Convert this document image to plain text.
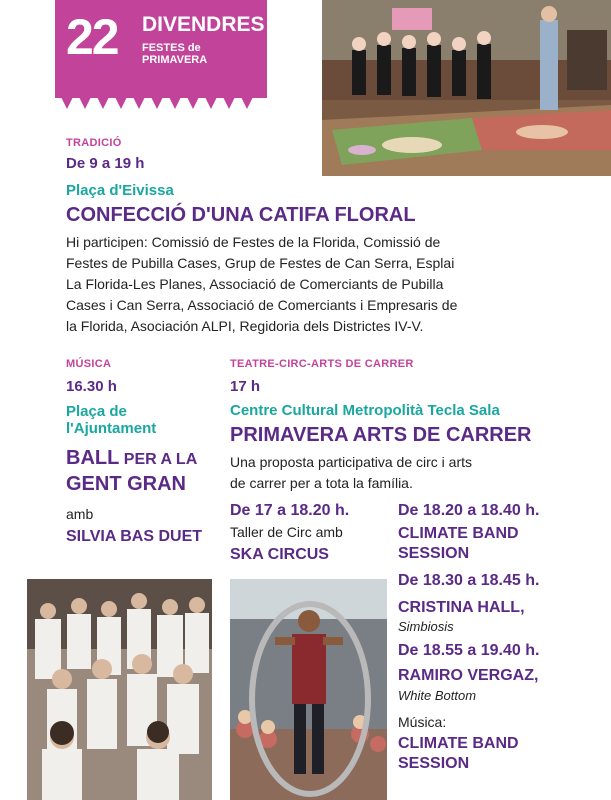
22 DIVENDRES
FESTES de PRIMAVERA
TRADICIÓ
De 9 a 19 h
Plaça d'Eivissa
CONFECCIÓ D'UNA CATIFA FLORAL
Hi participen: Comissió de Festes de la Florida, Comissió de
Festes de Pubilla Cases, Grup de Festes de Can Serra, Esplai
La Florida-Les Planes, Associació de Comerciants de Pubilla
Cases i Can Serra, Associació de Comerciants i Empresaris de
la Florida, Asociación ALPI, Regidoria dels Districtes IV-V.
MÚSICA
16.30 h
Plaça de
l'Ajuntament
BALL PER A LA
GENT GRAN
amb
SILVIA BAS DUET
TEATRE-CIRC-ARTS DE CARRER
17 h
Centre Cultural Metropolità Tecla Sala
PRIMAVERA ARTS DE CARRER
Una proposta participativa de circ i arts
de carrer per a tota la família.
De 17 a 18.20 h.
Taller de Circ amb
SKA CIRCUS
De 18.20 a 18.40 h.
CLIMATE BAND
SESSION
De 18.30 a 18.45 h.
CRISTINA HALL,
Simbiosis
De 18.55 a 19.40 h.
RAMIRO VERGAZ,
White Bottom
Música:
CLIMATE BAND
SESSION
